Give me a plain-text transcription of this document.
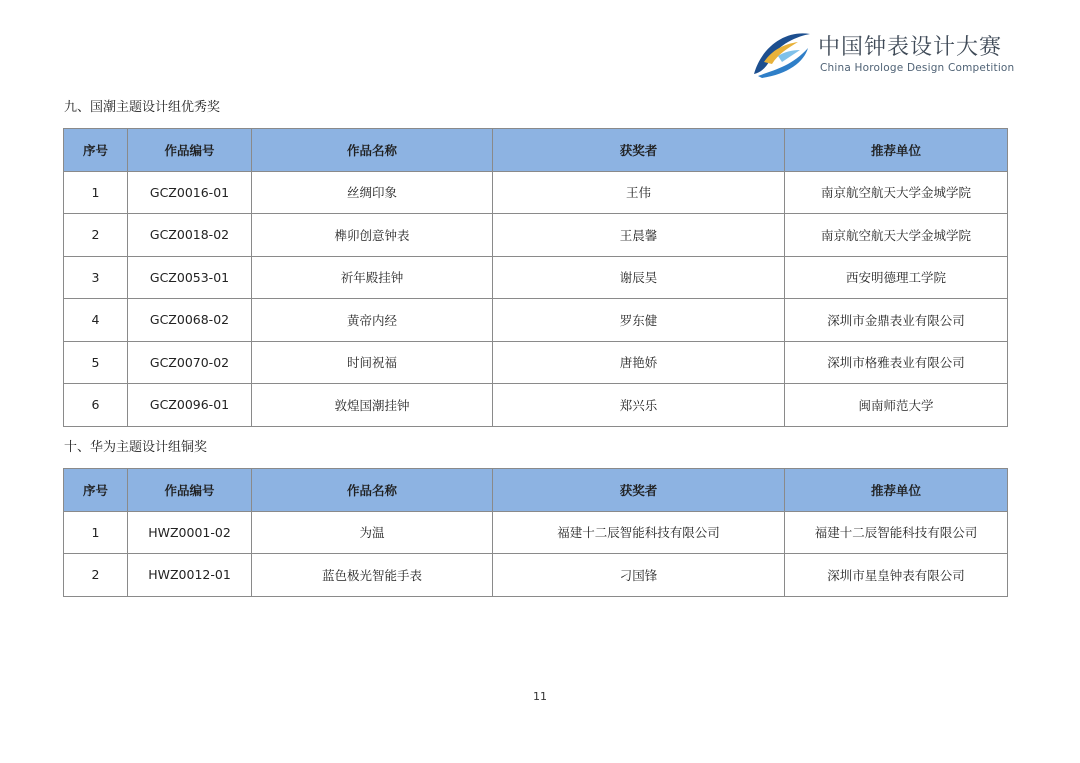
中国钟表设计大赛
China Horologe Design Competition
九、国潮主题设计组优秀奖
序号	作品编号	作品名称	获奖者	推荐单位
1	GCZ0016-01	丝绸印象	王伟	南京航空航天大学金城学院
2	GCZ0018-02	榫卯创意钟表	王晨馨	南京航空航天大学金城学院
3	GCZ0053-01	祈年殿挂钟	谢辰昊	西安明德理工学院
4	GCZ0068-02	黄帝内经	罗东健	深圳市金鼎表业有限公司
5	GCZ0070-02	时间祝福	唐艳娇	深圳市格雅表业有限公司
6	GCZ0096-01	敦煌国潮挂钟	郑兴乐	闽南师范大学
十、华为主题设计组铜奖
序号	作品编号	作品名称	获奖者	推荐单位
1	HWZ0001-02	为温	福建十二辰智能科技有限公司	福建十二辰智能科技有限公司
2	HWZ0012-01	蓝色极光智能手表	刁国锋	深圳市星皇钟表有限公司
11
